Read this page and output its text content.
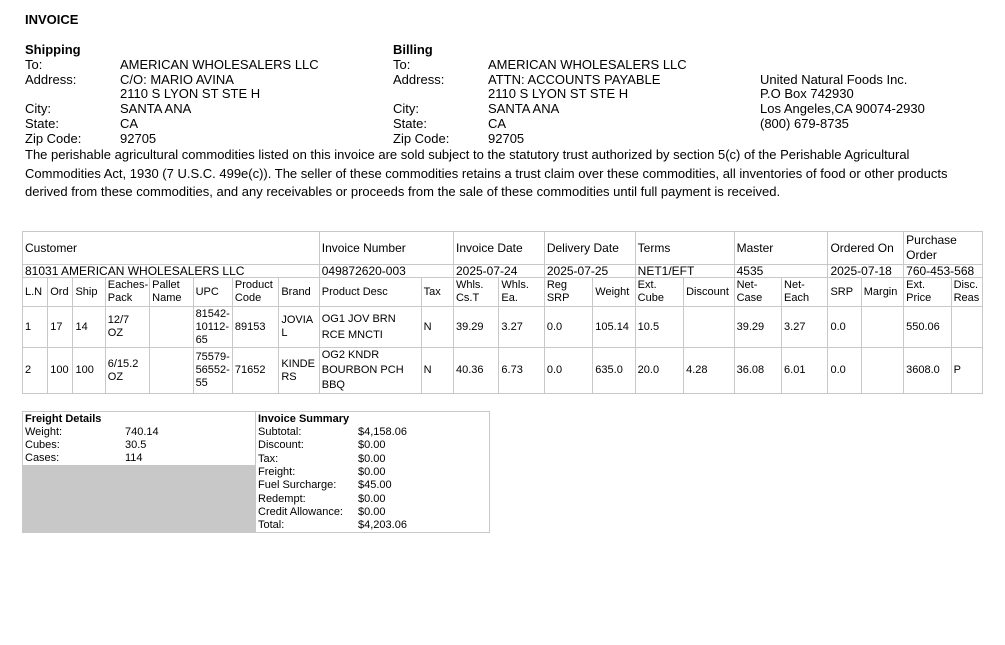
INVOICE
Shipping
To:	AMERICAN WHOLESALERS LLC
Address:	C/O: MARIO AVINA
2110 S LYON ST STE H
City:	SANTA ANA
State:	CA
Zip Code:	92705
Billing
To:	AMERICAN WHOLESALERS LLC
Address:	ATTN: ACCOUNTS PAYABLE
2110 S LYON ST STE H
City:	SANTA ANA
State:	CA
Zip Code:	92705
United Natural Foods Inc.
P.O Box 742930
Los Angeles,CA 90074-2930
(800) 679-8735
The perishable agricultural commodities listed on this invoice are sold subject to the statutory trust authorized by section 5(c) of the Perishable Agricultural Commodities Act, 1930 (7 U.S.C. 499e(c)). The seller of these commodities retains a trust claim over these commodities, all inventories of food or other products derived from these commodities, and any receivables or proceeds from the sale of these commodities until full payment is received.
Customer								Invoice Number		Invoice Date		Delivery Date		Terms		Master		Ordered On		Purchase Order	
81031 AMERICAN WHOLESALERS LLC								049872620-003		2025-07-24		2025-07-25		NET1/EFT		4535		2025-07-18		760-453-568	
L.N	Ord	Ship	Eaches-Pack	Pallet Name	UPC	Product Code	Brand	Product Desc	Tax	Whls. Cs.T	Whls. Ea.	Reg SRP	Weight	Ext. Cube	Discount	Net-Case	Net-Each	SRP	Margin	Ext. Price	Disc. Reas
1	17	14	12/7 OZ		81542-10112-65	89153	JOVIAL	OG1 JOV BRN RCE MNCTI	N	39.29	3.27	0.0	105.14	10.5		39.29	3.27	0.0		550.06	
2	100	100	6/15.2 OZ		75579-56552-55	71652	KINDERS	OG2 KNDR BOURBON PCH BBQ	N	40.36	6.73	0.0	635.0	20.0	4.28	36.08	6.01	0.0		3608.0	P
Freight Details
Weight:	740.14
Cubes:	30.5
Cases:	114
Invoice Summary
Subtotal:	$4,158.06
Discount:	$0.00
Tax:	$0.00
Freight:	$0.00
Fuel Surcharge: $45.00
Redempt:	$0.00
Credit Allowance: $0.00
Total:	$4,203.06
